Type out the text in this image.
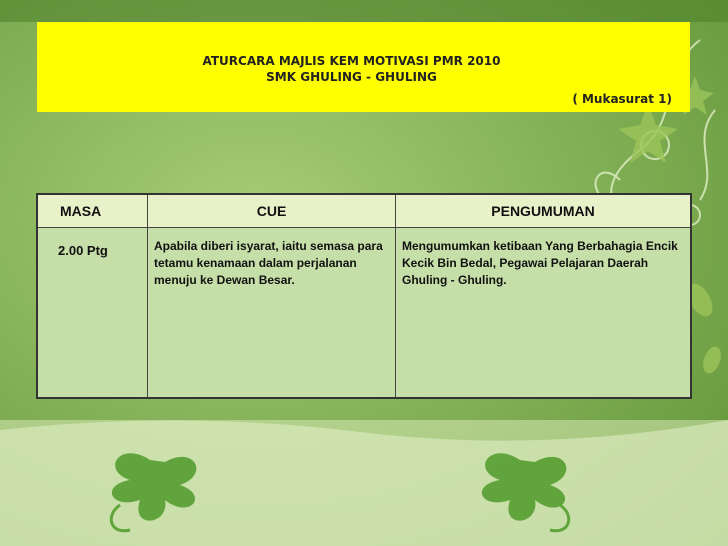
ATURCARA MAJLIS KEM MOTIVASI PMR 2010
SMK GHULING - GHULING
( Mukasurat 1)
MASA	CUE	PENGUMUMAN
2.00 Ptg	Apabila diberi isyarat, iaitu semasa para tetamu kenamaan dalam perjalanan menuju ke Dewan Besar.	Mengumumkan ketibaan Yang Berbahagia Encik Kecik Bin Bedal, Pegawai Pelajaran Daerah Ghuling - Ghuling.
